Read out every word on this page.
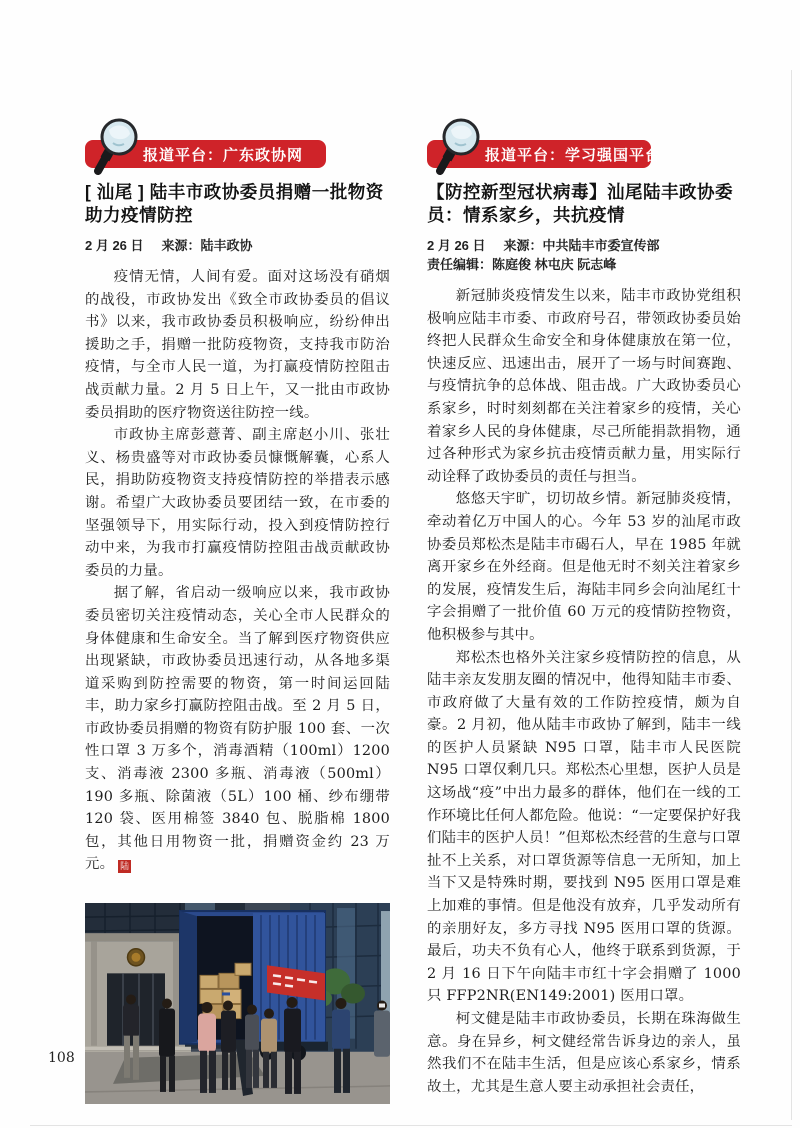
报道平台：广东政协网
[ 汕尾 ] 陆丰市政协委员捐赠一批物资助力疫情防控
2 月 26 日 来源：陆丰政协

疫情无情，人间有爱。面对这场没有硝烟的战役，市政协发出《致全市政协委员的倡议书》以来，我市政协委员积极响应，纷纷伸出援助之手，捐赠一批防疫物资，支持我市防治疫情，与全市人民一道，为打赢疫情防控阻击战贡献力量。2 月 5 日上午，又一批由市政协委员捐助的医疗物资送往防控一线。

市政协主席彭薏菁、副主席赵小川、张壮义、杨贵盛等对市政协委员慷慨解囊，心系人民，捐助防疫物资支持疫情防控的举措表示感谢。希望广大政协委员要团结一致，在市委的坚强领导下，用实际行动，投入到疫情防控行动中来，为我市打赢疫情防控阻击战贡献政协委员的力量。

据了解，省启动一级响应以来，我市政协委员密切关注疫情动态，关心全市人民群众的身体健康和生命安全。当了解到医疗物资供应出现紧缺，市政协委员迅速行动，从各地多渠道采购到防控需要的物资，第一时间运回陆丰，助力家乡打赢防控阻击战。至 2 月 5 日，市政协委员捐赠的物资有防护服 100 套、一次性口罩 3 万多个，消毒酒精（100ml）1200 支、消毒液 2300 多瓶、消毒液（500ml）190 多瓶、除菌液（5L）100 桶、纱布绷带 120 袋、医用棉签 3840 包、脱脂棉 1800 包，其他日用物资一批，捐赠资金约 23 万元。 陆

报道平台：学习强国平台
【防控新型冠状病毒】汕尾陆丰政协委员：情系家乡，共抗疫情
2 月 26 日 来源：中共陆丰市委宣传部
责任编辑：陈庭俊 林屯庆 阮志峰

新冠肺炎疫情发生以来，陆丰市政协党组积极响应陆丰市委、市政府号召，带领政协委员始终把人民群众生命安全和身体健康放在第一位，快速反应、迅速出击，展开了一场与时间赛跑、与疫情抗争的总体战、阻击战。广大政协委员心系家乡，时时刻刻都在关注着家乡的疫情，关心着家乡人民的身体健康，尽己所能捐款捐物，通过各种形式为家乡抗击疫情贡献力量，用实际行动诠释了政协委员的责任与担当。

悠悠天宇旷，切切故乡情。新冠肺炎疫情，牵动着亿万中国人的心。今年 53 岁的汕尾市政协委员郑松杰是陆丰市碣石人，早在 1985 年就离开家乡在外经商。但是他无时不刻关注着家乡的发展，疫情发生后，海陆丰同乡会向汕尾红十字会捐赠了一批价值 60 万元的疫情防控物资，他积极参与其中。

郑松杰也格外关注家乡疫情防控的信息，从陆丰亲友发朋友圈的情况中，他得知陆丰市委、市政府做了大量有效的工作防控疫情，颇为自豪。2 月初，他从陆丰市政协了解到，陆丰一线的医护人员紧缺 N95 口罩，陆丰市人民医院 N95 口罩仅剩几只。郑松杰心里想，医护人员是这场战“疫”中出力最多的群体，他们在一线的工作环境比任何人都危险。他说：“一定要保护好我们陆丰的医护人员！”但郑松杰经营的生意与口罩扯不上关系，对口罩货源等信息一无所知，加上当下又是特殊时期，要找到 N95 医用口罩是难上加难的事情。但是他没有放弃，几乎发动所有的亲朋好友，多方寻找 N95 医用口罩的货源。最后，功夫不负有心人，他终于联系到货源，于 2 月 16 日下午向陆丰市红十字会捐赠了 1000 只 FFP2NR(EN149:2001) 医用口罩。

柯文健是陆丰市政协委员，长期在珠海做生意。身在异乡，柯文健经常告诉身边的亲人，虽然我们不在陆丰生活，但是应该心系家乡，情系故土，尤其是生意人要主动承担社会责任，

108
